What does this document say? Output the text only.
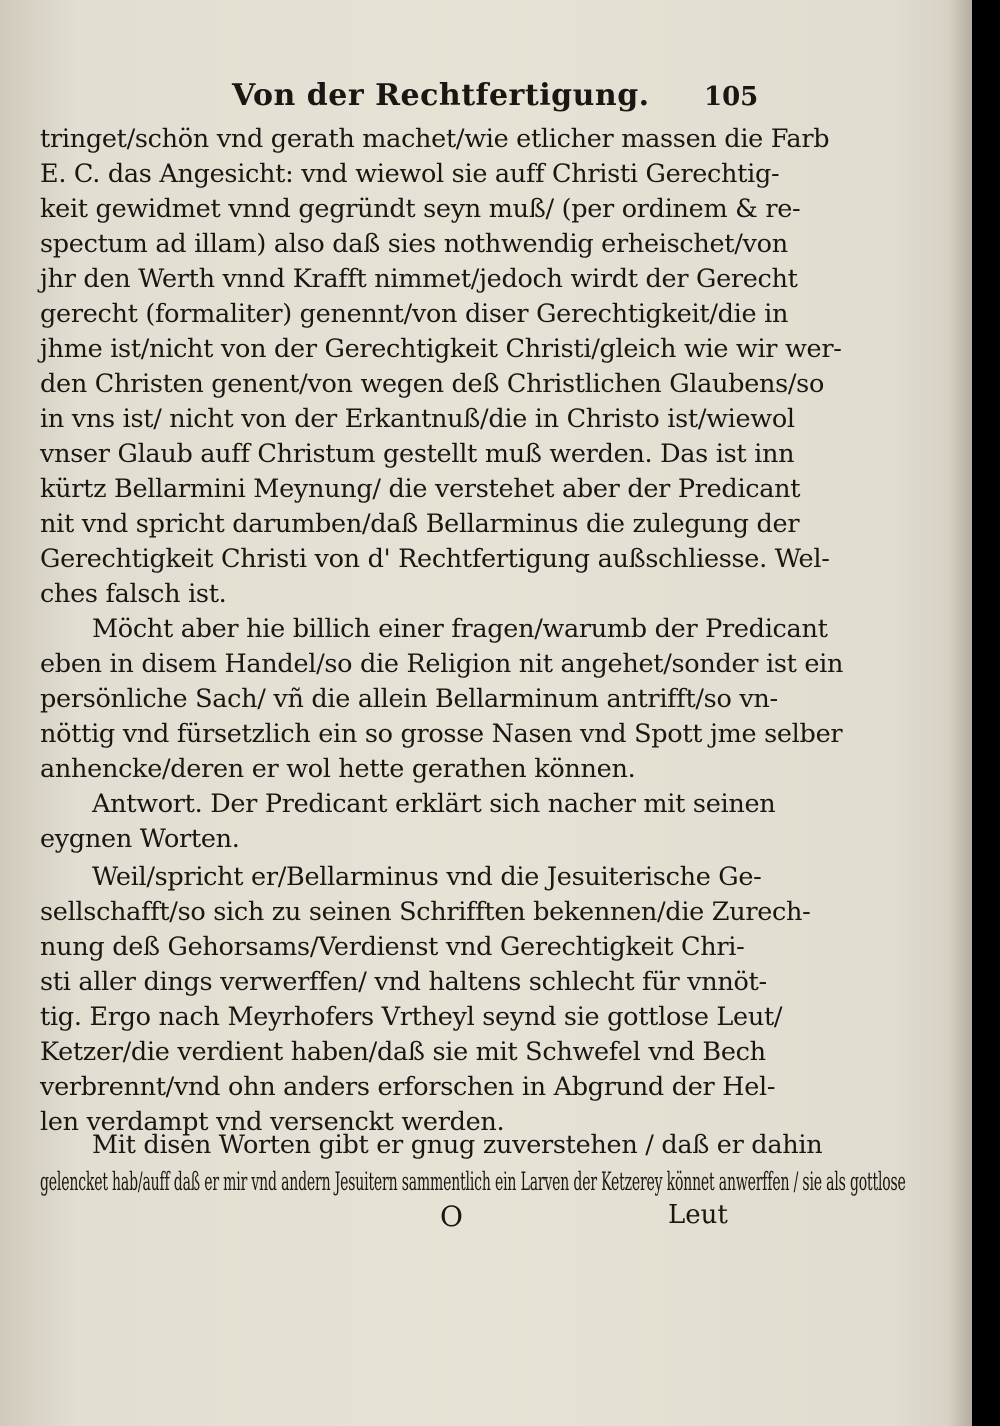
Von der Rechtfertigung. 105
tringet/schön vnd gerath machet/wie etlicher massen die Farb
E. C. das Angesicht: vnd wiewol sie auff Christi Gerechtig-
keit gewidmet vnnd gegründt seyn muß/ (per ordinem & re-
spectum ad illam) also daß sies nothwendig erheischet/von
jhr den Werth vnnd Krafft nimmet/jedoch wirdt der Gerecht
gerecht (formaliter) genennt/von diser Gerechtigkeit/die in
jhme ist/nicht von der Gerechtigkeit Christi/gleich wie wir wer-
den Christen genent/von wegen deß Christlichen Glaubens/so
in vns ist/ nicht von der Erkantnuß/die in Christo ist/wiewol
vnser Glaub auff Christum gestellt muß werden. Das ist inn
kürtz Bellarmini Meynung/ die verstehet aber der Predicant
nit vnd spricht darumben/daß Bellarminus die zulegung der
Gerechtigkeit Christi von d' Rechtfertigung außschliesse. Wel-
ches falsch ist.
Möcht aber hie billich einer fragen/warumb der Predicant
eben in disem Handel/so die Religion nit angehet/sonder ist ein
persönliche Sach/ vñ die allein Bellarminum antrifft/so vn-
nöttig vnd fürsetzlich ein so grosse Nasen vnd Spott jme selber
anhencke/deren er wol hette gerathen können.
Antwort. Der Predicant erklärt sich nacher mit seinen
eygnen Worten.
Weil/spricht er/Bellarminus vnd die Jesuiterische Ge-
sellschafft/so sich zu seinen Schrifften bekennen/die Zurech-
nung deß Gehorsams/Verdienst vnd Gerechtigkeit Chri-
sti aller dings verwerffen/ vnd haltens schlecht für vnnöt-
tig. Ergo nach Meyrhofers Vrtheyl seynd sie gottlose Leut/
Ketzer/die verdient haben/daß sie mit Schwefel vnd Bech
verbrennt/vnd ohn anders erforschen in Abgrund der Hel-
len verdampt vnd versenckt werden.
Mit disen Worten gibt er gnug zuverstehen / daß er dahin
gelencket hab/auff daß er mir vnd andern Jesuitern sammentlich ein Larven der Ketzerey könnet anwerffen / sie als gottlose
O	Leut
